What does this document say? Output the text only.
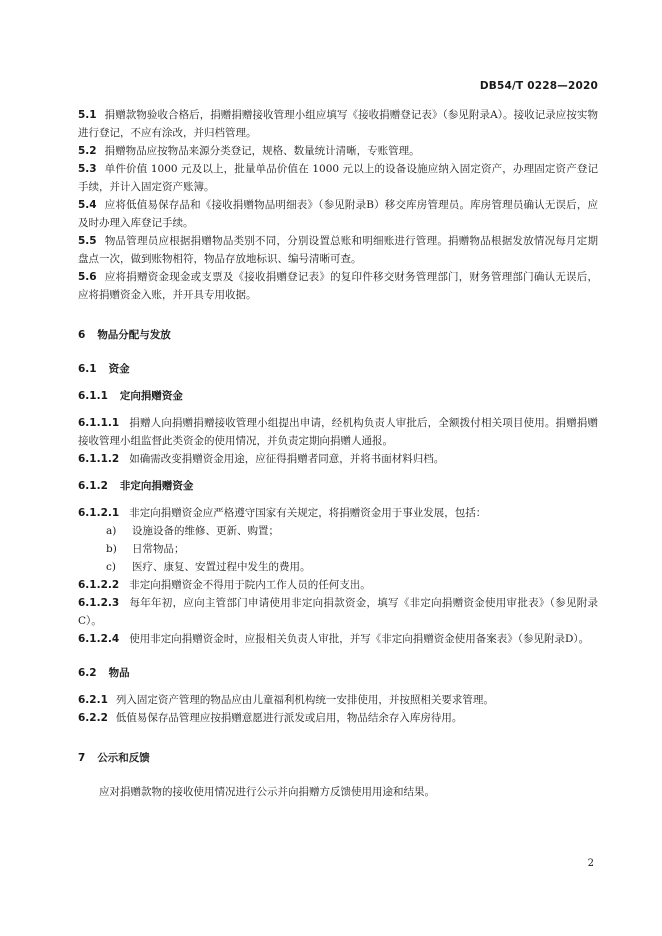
DB54/T 0228—2020

5.1 捐赠款物验收合格后，捐赠捐赠接收管理小组应填写《接收捐赠登记表》（参见附录A）。接收记录应按实物进行登记，不应有涂改，并归档管理。

5.2 捐赠物品应按物品来源分类登记，规格、数量统计清晰，专账管理。

5.3 单件价值 1000 元及以上，批量单品价值在 1000 元以上的设备设施应纳入固定资产，办理固定资产登记手续，并计入固定资产账簿。

5.4 应将低值易保存品和《接收捐赠物品明细表》（参见附录B）移交库房管理员。库房管理员确认无误后，应及时办理入库登记手续。

5.5 物品管理员应根据捐赠物品类别不同，分别设置总账和明细账进行管理。捐赠物品根据发放情况每月定期盘点一次，做到账物相符，物品存放地标识、编号清晰可查。

5.6 应将捐赠资金现金或支票及《接收捐赠登记表》的复印件移交财务管理部门，财务管理部门确认无误后，应将捐赠资金入账，并开具专用收据。

6 物品分配与发放

6.1 资金

6.1.1 定向捐赠资金

6.1.1.1 捐赠人向捐赠捐赠接收管理小组提出申请，经机构负责人审批后，全额拨付相关项目使用。捐赠捐赠接收管理小组监督此类资金的使用情况，并负责定期向捐赠人通报。

6.1.1.2 如确需改变捐赠资金用途，应征得捐赠者同意，并将书面材料归档。

6.1.2 非定向捐赠资金

6.1.2.1 非定向捐赠资金应严格遵守国家有关规定，将捐赠资金用于事业发展，包括：

a) 设施设备的维修、更新、购置；

b) 日常物品；

c) 医疗、康复、安置过程中发生的费用。

6.1.2.2 非定向捐赠资金不得用于院内工作人员的任何支出。

6.1.2.3 每年年初，应向主管部门申请使用非定向捐款资金，填写《非定向捐赠资金使用审批表》（参见附录C）。

6.1.2.4 使用非定向捐赠资金时，应报相关负责人审批，并写《非定向捐赠资金使用备案表》（参见附录D）。

6.2 物品

6.2.1 列入固定资产管理的物品应由儿童福利机构统一安排使用，并按照相关要求管理。

6.2.2 低值易保存品管理应按捐赠意愿进行派发或启用，物品结余存入库房待用。

7 公示和反馈

应对捐赠款物的接收使用情况进行公示并向捐赠方反馈使用用途和结果。

2
